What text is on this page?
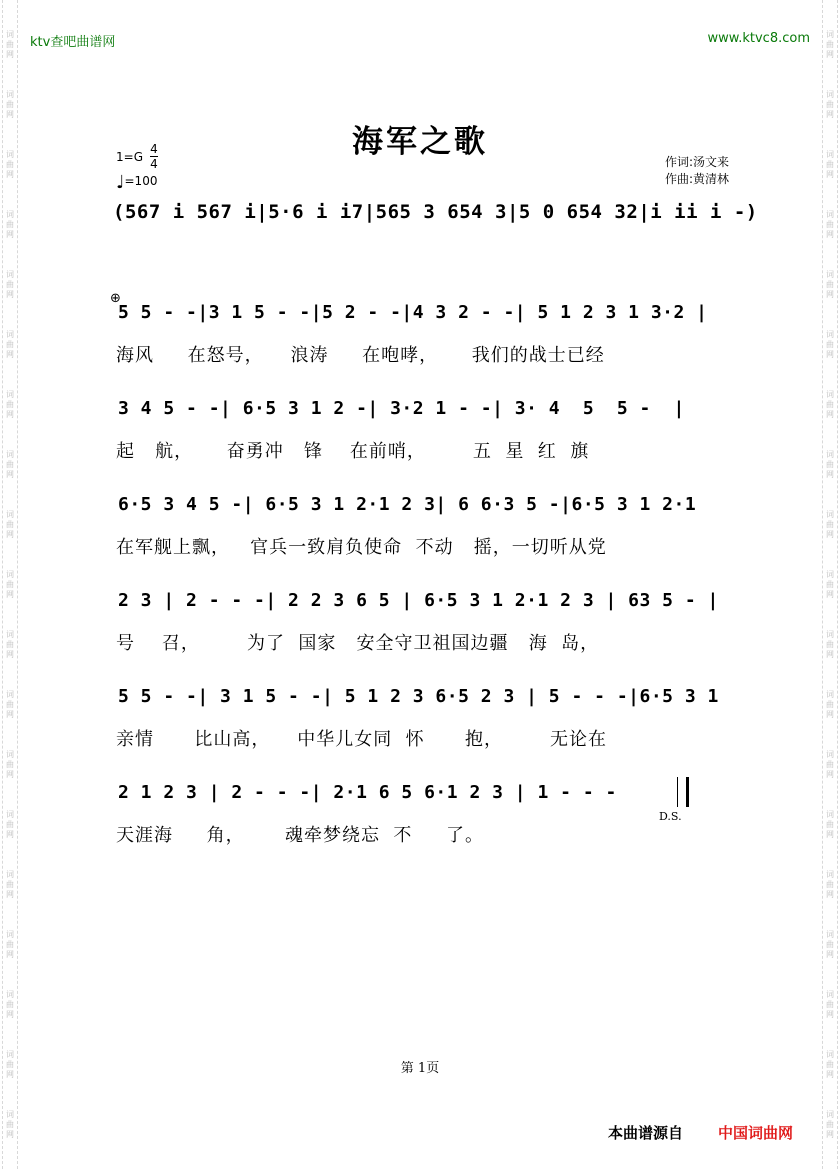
词
曲
网
词
曲
网
词
曲
网
词
曲
网
词
曲
网
词
曲
网
词
曲
网
词
曲
网
词
曲
网
词
曲
网
词
曲
网
词
曲
网
词
曲
网
词
曲
网
词
曲
网
词
曲
网
词
曲
网
词
曲
网
词
曲
网
词
曲
网
词
曲
网
词
曲
网
词
曲
网
词
曲
网
词
曲
网
词
曲
网
词
曲
网
词
曲
网
词
曲
网
词
曲
网
词
曲
网
词
曲
网
词
曲
网
词
曲
网
词
曲
网
词
曲
网
词
曲
网
词
曲
网
ktv查吧曲谱网	www.ktvc8.com
海军之歌
1=G
4
4
♩=100
作词:汤文来
作曲:黄清林
(567 i 567 i|5·6 i i7|565 3 654 3|5 0 654 32|i ii i -)
⊕
5 5 - -|3 1 5 - -|5 2 - -|4 3 2 - -| 5 1 2 3 1 3·2 |
海风     在怒号，    浪涛     在咆哮，     我们的战士已经
3 4 5 - -| 6·5 3 1 2 -| 3·2 1 - -| 3· 4  5  5 -  |
起   航，     奋勇冲   锋    在前哨，       五  星  红  旗
6·5 3 4 5 -| 6·5 3 1 2·1 2 3| 6 6·3 5 -|6·5 3 1 2·1
在军舰上飘，   官兵一致肩负使命  不动   摇，一切听从党
2 3 | 2 - - -| 2 2 3 6 5 | 6·5 3 1 2·1 2 3 | 63 5 - |
号    召，       为了  国家   安全守卫祖国边疆   海  岛，
5 5 - -| 3 1 5 - -| 5 1 2 3 6·5 2 3 | 5 - - -|6·5 3 1
亲情      比山高，    中华儿女同  怀      抱，       无论在
2 1 2 3 | 2 - - -| 2·1 6 5 6·1 2 3 | 1 - - -
天涯海     角，      魂牵梦绕忘  不     了。
D.S.
第 1页
本曲谱源自 中国词曲网
